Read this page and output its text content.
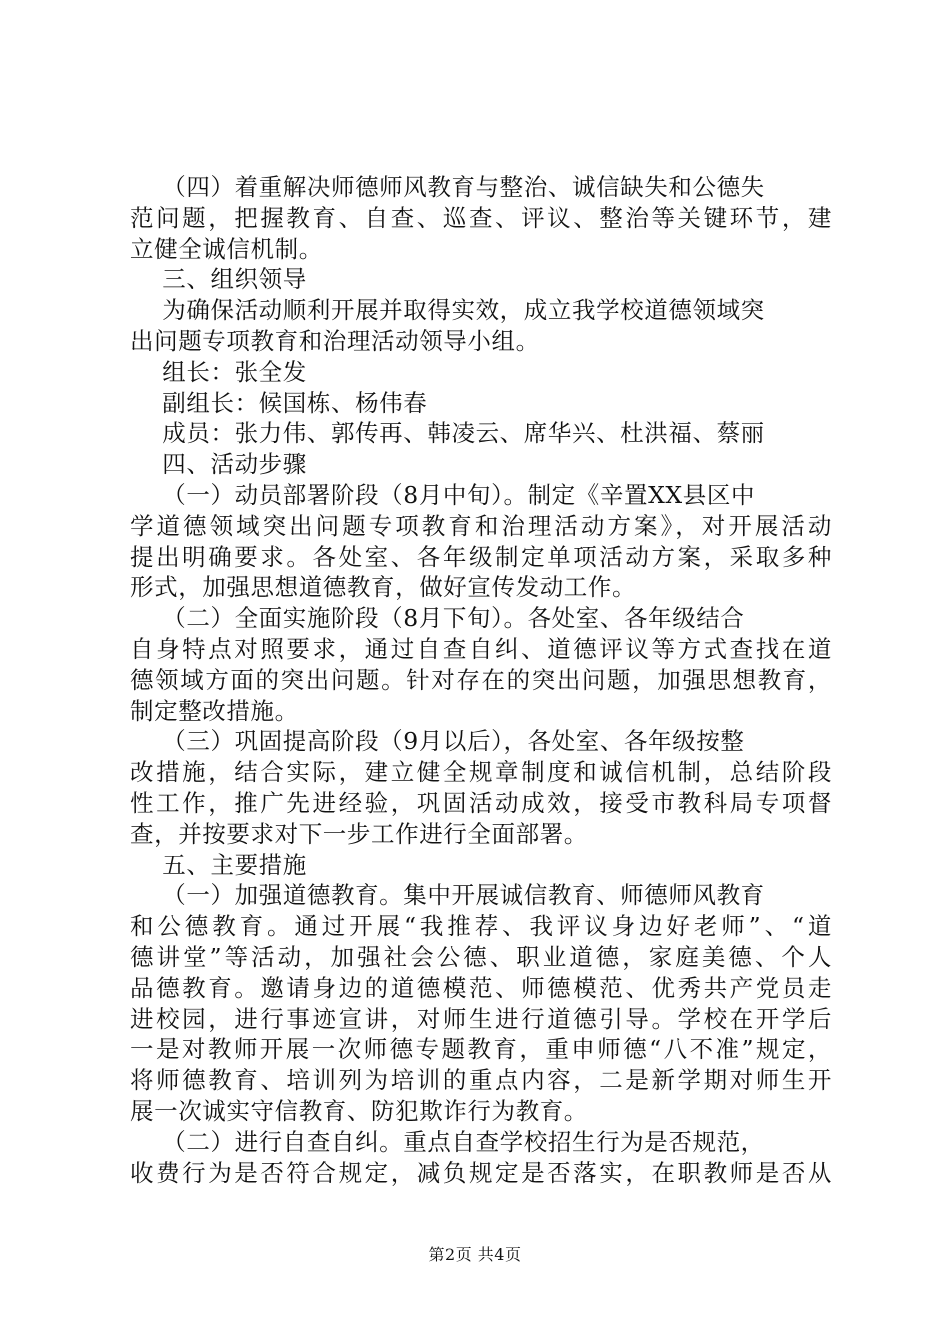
（四）着重解决师德师风教育与整治、诚信缺失和公德失
范问题，把握教育、自查、巡查、评议、整治等关键环节，建
立健全诚信机制。
三、组织领导
为确保活动顺利开展并取得实效，成立我学校道德领域突
出问题专项教育和治理活动领导小组。
组长：张全发
副组长：候国栋、杨伟春
成员：张力伟、郭传再、韩凌云、席华兴、杜洪福、蔡丽
四、活动步骤
（一）动员部署阶段（8月中旬）。制定《辛置XX县区中
学道德领域突出问题专项教育和治理活动方案》，对开展活动
提出明确要求。各处室、各年级制定单项活动方案，采取多种
形式，加强思想道德教育，做好宣传发动工作。
（二）全面实施阶段（8月下旬）。各处室、各年级结合
自身特点对照要求，通过自查自纠、道德评议等方式查找在道
德领域方面的突出问题。针对存在的突出问题，加强思想教育，
制定整改措施。
（三）巩固提高阶段（9月以后），各处室、各年级按整
改措施，结合实际，建立健全规章制度和诚信机制，总结阶段
性工作，推广先进经验，巩固活动成效，接受市教科局专项督
查，并按要求对下一步工作进行全面部署。
五、主要措施
（一）加强道德教育。集中开展诚信教育、师德师风教育
和公德教育。通过开展“我推荐、我评议身边好老师”、“道
德讲堂”等活动，加强社会公德、职业道德，家庭美德、个人
品德教育。邀请身边的道德模范、师德模范、优秀共产党员走
进校园，进行事迹宣讲，对师生进行道德引导。学校在开学后
一是对教师开展一次师德专题教育，重申师德“八不准”规定，
将师德教育、培训列为培训的重点内容，二是新学期对师生开
展一次诚实守信教育、防犯欺诈行为教育。
（二）进行自查自纠。重点自查学校招生行为是否规范，
收费行为是否符合规定，减负规定是否落实，在职教师是否从
第2页 共4页
